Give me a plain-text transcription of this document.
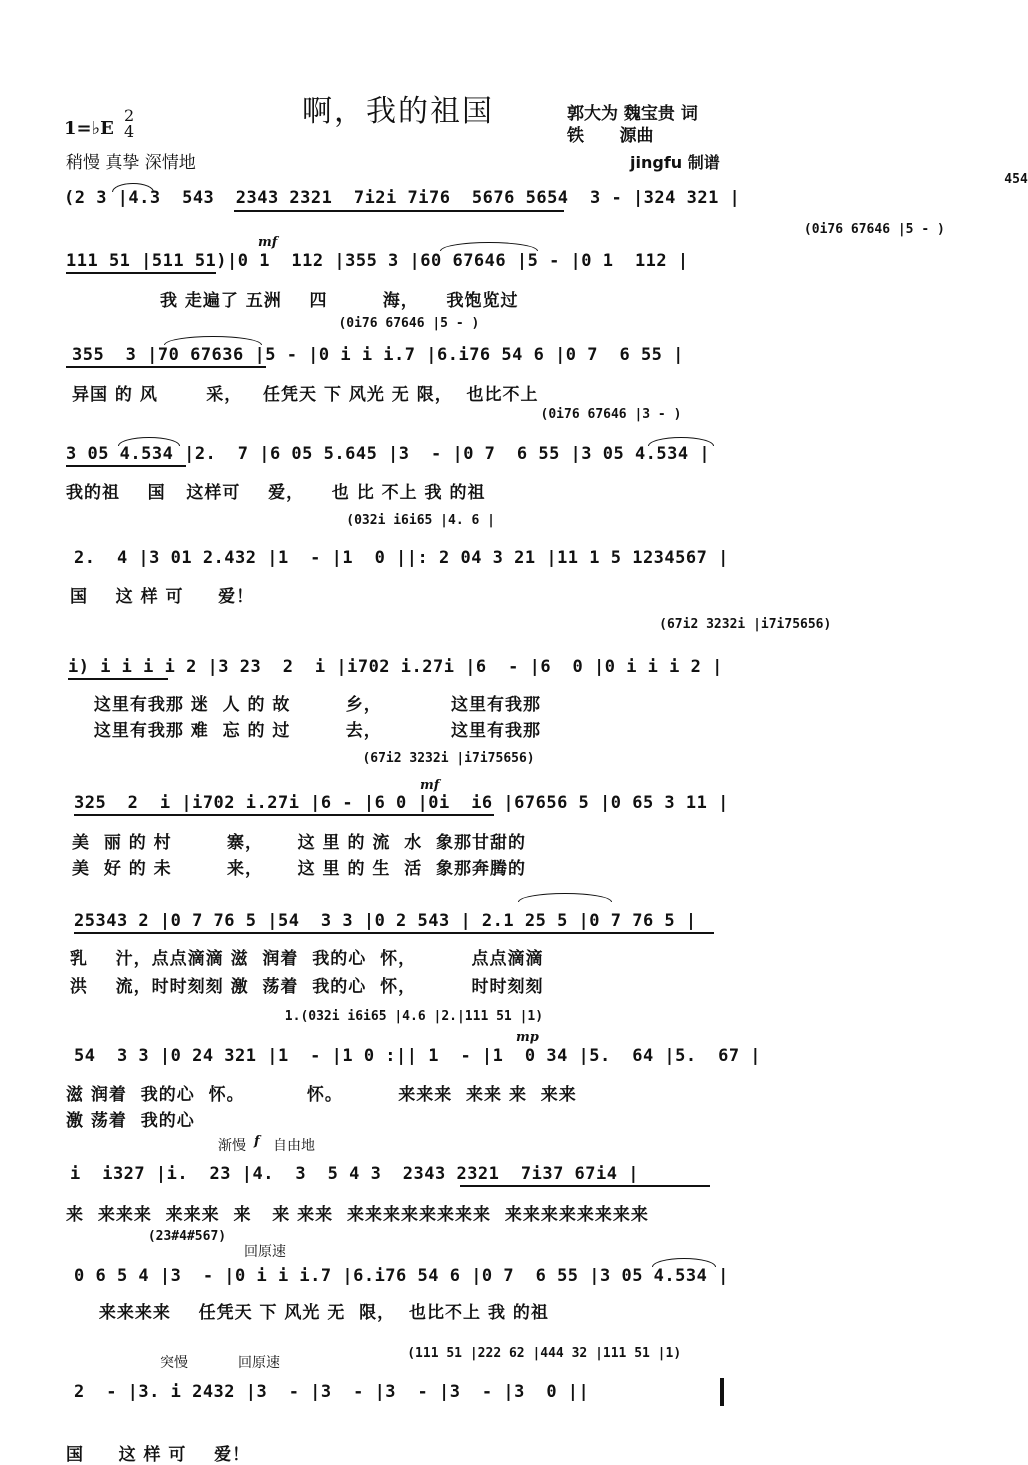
啊，我的祖国
1=♭E
2
4
稍慢 真挚 深情地
郭大为 魏宝贵 词
铁      源曲
jingfu 制谱
454
(2 3 |4.3  543  2343 2321  7i2i 7i76  5676 5654  3 - |324 321 |
(0i76 67646 |5 - )
mf
111 51 |511 51)|0 1  112 |355 3 |60 67646 |5 - |0 1  112 |
我 走遍了 五洲    四        海，    我饱览过
(0i76 67646 |5 - )
355  3 |70 67636 |5 - |0 i i i.7 |6.i76 54 6 |0 7  6 55 |
异国 的 风       采，   任凭天 下 风光 无 限，  也比不上
(0i76 67646 |3 - )
3 05 4.534 |2.  7 |6 05 5.645 |3  - |0 7  6 55 |3 05 4.534 |
我的祖    国   这样可    爱，    也 比 不上 我 的祖
(032i i6i65 |4. 6 |
2.  4 |3 01 2.432 |1  - |1  0 ||: 2 04 3 21 |11 1 5 1234567 |
国    这 样 可     爱！
(67i2 3232i |i7i75656)
i) i i i i 2 |3 23  2  i |i702 i.27i |6  - |6  0 |0 i i i 2 |
这里有我那 迷  人 的 故        乡，          这里有我那
这里有我那 难  忘 的 过        去，          这里有我那
(67i2 3232i |i7i75656)
mf
325  2  i |i702 i.27i |6 - |6 0 |0i  i6 |67656 5 |0 65 3 11 |
美  丽 的 村        寨，     这 里 的 流  水  象那甘甜的
美  好 的 未        来，     这 里 的 生  活  象那奔腾的
25343 2 |0 7 76 5 |54  3 3 |0 2 543 | 2.1 25 5 |0 7 76 5 |
乳    汁，点点滴滴 滋  润着  我的心  怀，        点点滴滴
洪    流，时时刻刻 激  荡着  我的心  怀，        时时刻刻
1.(032i i6i65 |4.6 |2.|111 51 |1)
mp
54  3 3 |0 24 321 |1  - |1 0 :|| 1  - |1  0 34 |5.  64 |5.  67 |
滋 润着  我的心  怀。         怀。        来来来  来来 来  来来
激 荡着  我的心
渐慢 f 自由地
i  i327 |i.  23 |4.  3  5 4 3  2343 2321  7i37 67i4 |
来  来来来  来来来  来   来 来来  来来来来来来来来  来来来来来来来来
(23#4#567)
回原速
0 6 5 4 |3  - |0 i i i.7 |6.i76 54 6 |0 7  6 55 |3 05 4.534 |
来来来来    任凭天 下 风光 无  限，  也比不上 我 的祖
突慢	回原速
(111 51 |222 62 |444 32 |111 51 |1)
2  - |3. i 2432 |3  - |3  - |3  - |3  - |3  0 ||
国     这 样 可    爱！
